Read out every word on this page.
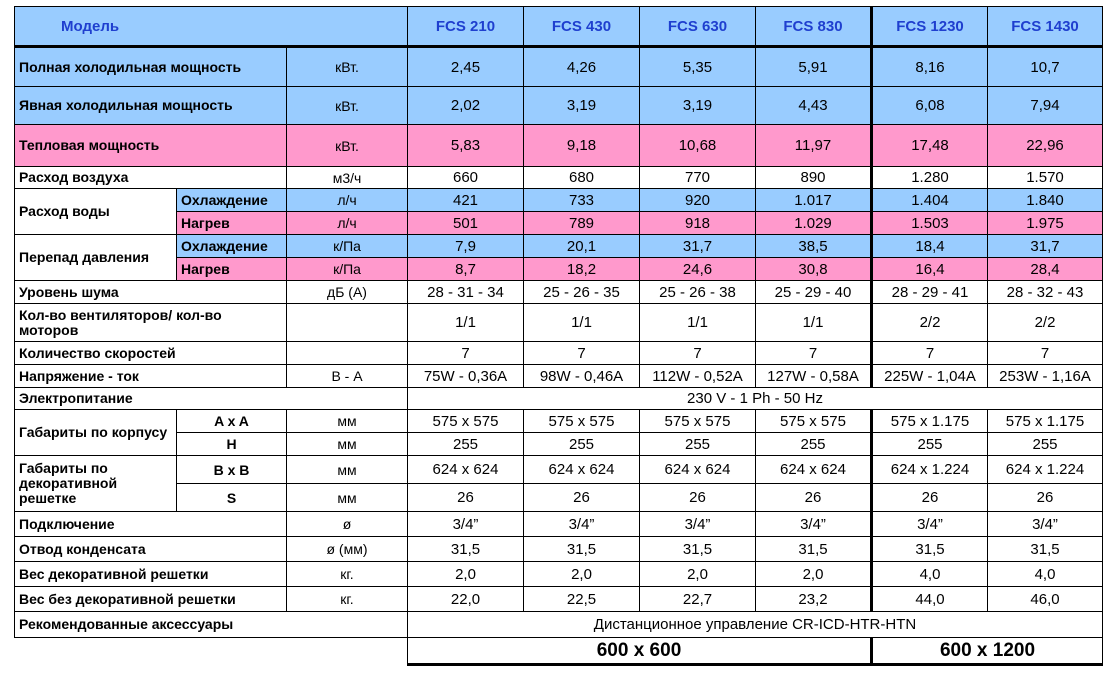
Модель			FCS 210	FCS 430	FCS 630	FCS 830	FCS 1230	FCS 1430
Полная холодильная мощность		кВт.	2,45	4,26	5,35	5,91	8,16	10,7
Явная холодильная мощность		кВт.	2,02	3,19	3,19	4,43	6,08	7,94
Тепловая мощность		кВт.	5,83	9,18	10,68	11,97	17,48	22,96
Расход воздуха		м3/ч	660	680	770	890	1.280	1.570
Расход воды	Охлаждение	л/ч	421	733	920	1.017	1.404	1.840
	Нагрев	л/ч	501	789	918	1.029	1.503	1.975
Перепад давления	Охлаждение	к/Па	7,9	20,1	31,7	38,5	18,4	31,7
	Нагрев	к/Па	8,7	18,2	24,6	30,8	16,4	28,4
Уровень шума		дБ (А)	28 - 31 - 34	25 - 26 - 35	25 - 26 - 38	25 - 29 - 40	28 - 29 - 41	28 - 32 - 43
Кол-во вентиляторов/ кол-во моторов			1/1	1/1	1/1	1/1	2/2	2/2
Количество скоростей			7	7	7	7	7	7
Напряжение - ток		В - А	75W - 0,36A	98W - 0,46A	112W - 0,52A	127W - 0,58A	225W - 1,04A	253W - 1,16A
Электропитание			230 V - 1 Ph - 50 Hz					
Габариты по корпусу	A x A	мм	575 x 575	575 x 575	575 x 575	575 x 575	575 x 1.175	575 x 1.175
	H	мм	255	255	255	255	255	255
Габариты по декоративной решетке	B x B	мм	624 x 624	624 x 624	624 x 624	624 x 624	624 x 1.224	624 x 1.224
	S	мм	26	26	26	26	26	26
Подключение		ø	3/4”	3/4”	3/4”	3/4”	3/4”	3/4”
Отвод конденсата		ø (мм)	31,5	31,5	31,5	31,5	31,5	31,5
Вес декоративной решетки		кг.	2,0	2,0	2,0	2,0	4,0	4,0
Вес без декоративной решетки		кг.	22,0	22,5	22,7	23,2	44,0	46,0
Рекомендованные аксессуары			Дистанционное управление CR-ICD-HTR-HTN					
			600 x 600				600 x 1200	
